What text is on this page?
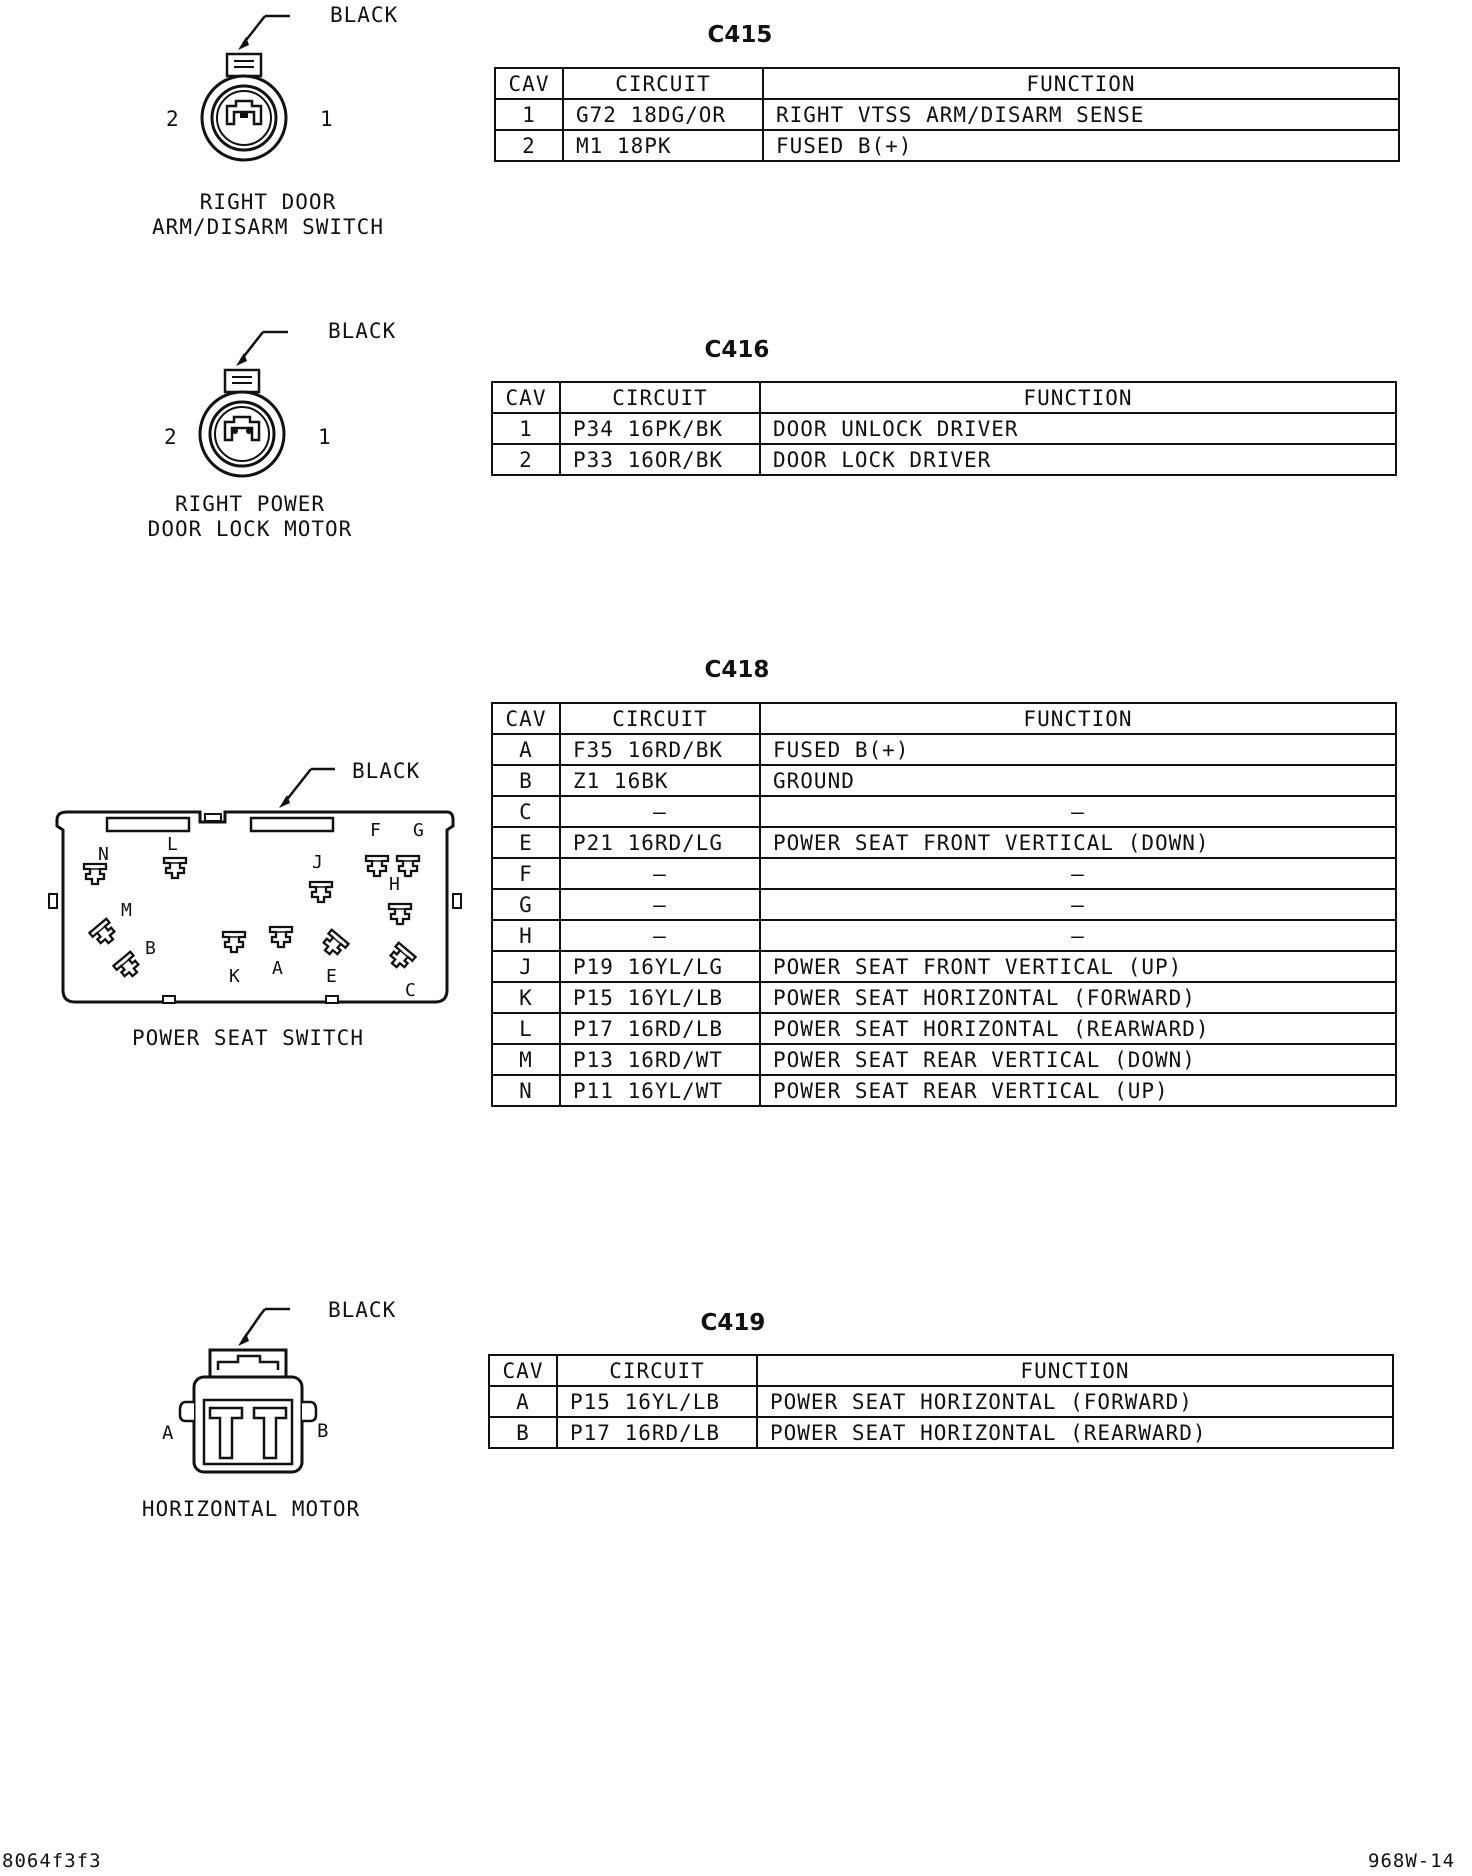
BLACK
2	1
RIGHT DOOR
ARM/DISARM SWITCH
C415
CAV	CIRCUIT	FUNCTION
1	G72 18DG/OR	RIGHT VTSS ARM/DISARM SENSE
2	M1 18PK	FUSED B(+)
BLACK
2	1
RIGHT POWER
DOOR LOCK MOTOR
C416
CAV	CIRCUIT	FUNCTION
1	P34 16PK/BK	DOOR UNLOCK DRIVER
2	P33 16OR/BK	DOOR LOCK DRIVER
BLACK
N	L
J
F G
H
M
B
K A E
C
POWER SEAT SWITCH
C418
CAV	CIRCUIT	FUNCTION
A	F35 16RD/BK	FUSED B(+)
B	Z1 16BK	GROUND
C	–	–
E	P21 16RD/LG	POWER SEAT FRONT VERTICAL (DOWN)
F	–	–
G	–	–
H	–	–
J	P19 16YL/LG	POWER SEAT FRONT VERTICAL (UP)
K	P15 16YL/LB	POWER SEAT HORIZONTAL (FORWARD)
L	P17 16RD/LB	POWER SEAT HORIZONTAL (REARWARD)
M	P13 16RD/WT	POWER SEAT REAR VERTICAL (DOWN)
N	P11 16YL/WT	POWER SEAT REAR VERTICAL (UP)
BLACK
A	B
HORIZONTAL MOTOR
C419
CAV	CIRCUIT	FUNCTION
A	P15 16YL/LB	POWER SEAT HORIZONTAL (FORWARD)
B	P17 16RD/LB	POWER SEAT HORIZONTAL (REARWARD)
8064f3f3	968W-14
